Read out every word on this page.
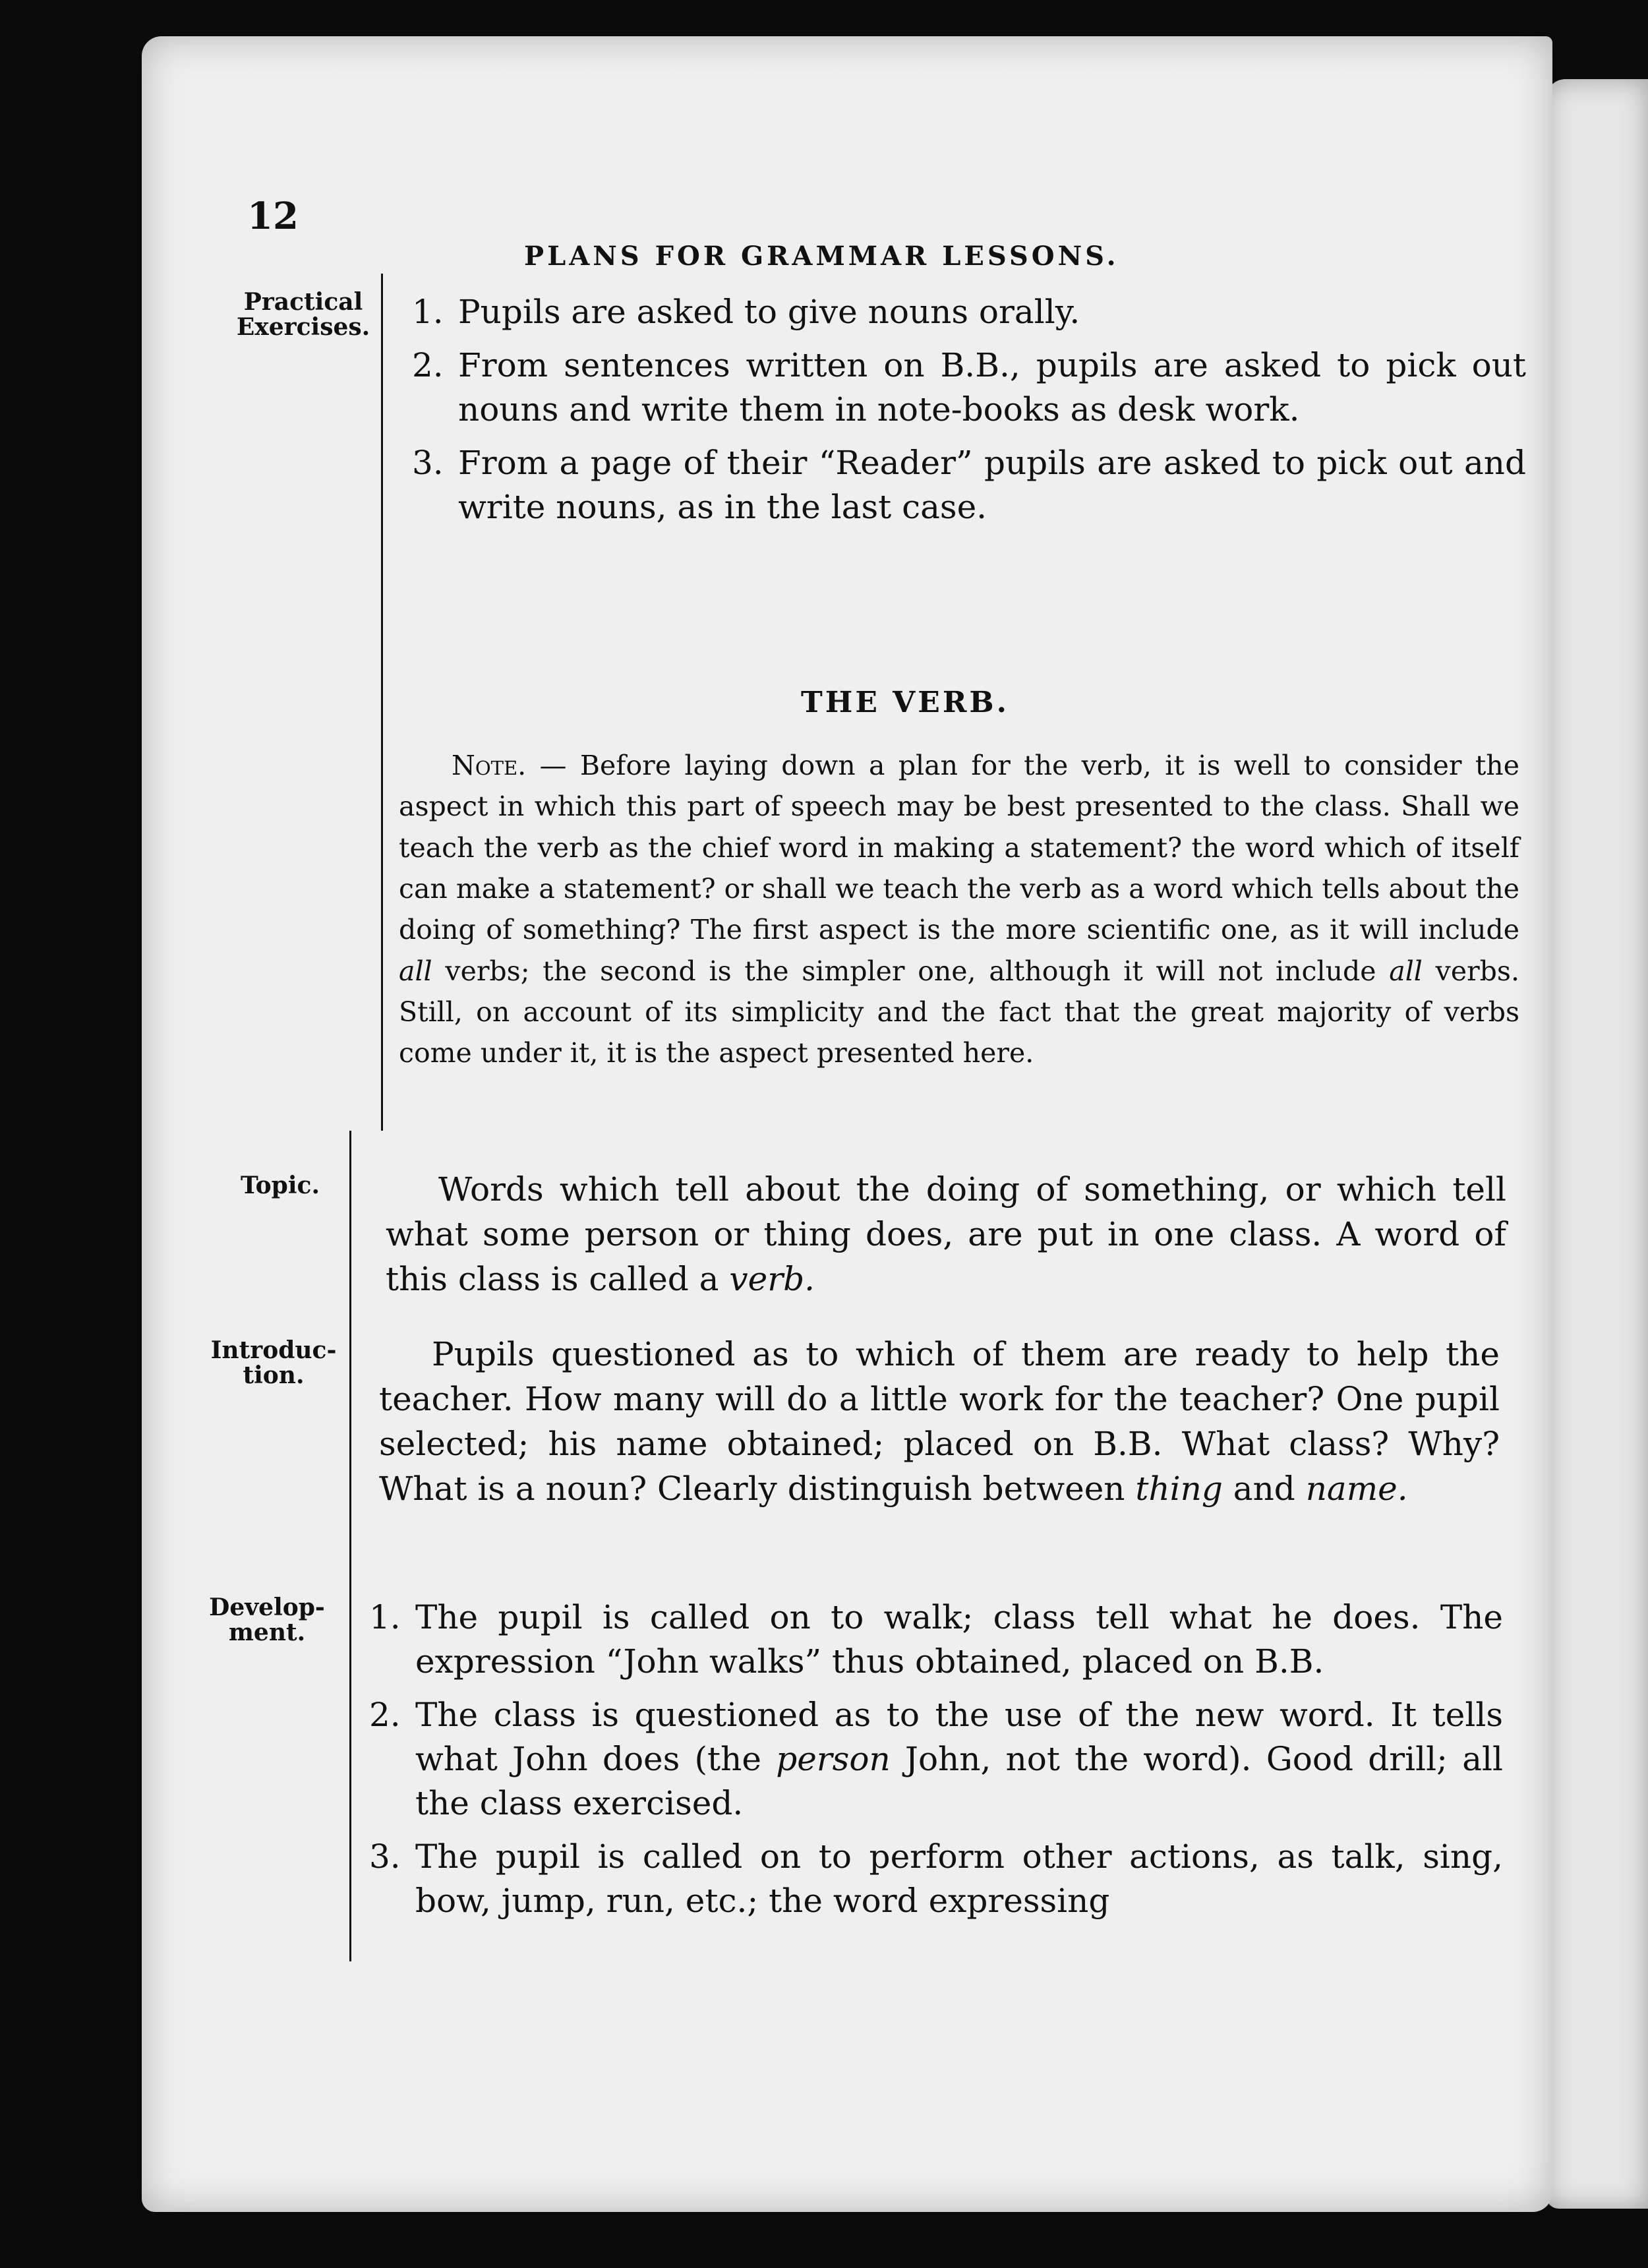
12
PLANS FOR GRAMMAR LESSONS.
Practical
Exercises. 1. Pupils are asked to give nouns orally.
2. From sentences written on B.B., pupils are asked to pick out nouns and write them in note-books as desk work.
3. From a page of their “Reader” pupils are asked to pick out and write nouns, as in the last case.
THE VERB.

Note. — Before laying down a plan for the verb, it is well to consider the aspect in which this part of speech may be best presented to the class. Shall we teach the verb as the chief word in making a statement? the word which of itself can make a statement? or shall we teach the verb as a word which tells about the doing of something? The first aspect is the more scientific one, as it will include all verbs; the second is the simpler one, although it will not include all verbs. Still, on account of its simplicity and the fact that the great majority of verbs come under it, it is the aspect presented here.

Topic.	Words which tell about the doing of something, or which tell what some person or thing does, are put in one class. A word of this class is called a verb.

Introduc-
tion.

Pupils questioned as to which of them are ready to help the teacher. How many will do a little work for the teacher? One pupil selected; his name obtained; placed on B.B. What class? Why? What is a noun? Clearly distinguish between thing and name.

Develop-
ment.	1. The pupil is called on to walk; class tell what he does. The expression “John walks” thus obtained, placed on B.B.
2. The class is questioned as to the use of the new word. It tells what John does (the person John, not the word). Good drill; all the class exercised.
3. The pupil is called on to perform other actions, as talk, sing, bow, jump, run, etc.; the word expressing
